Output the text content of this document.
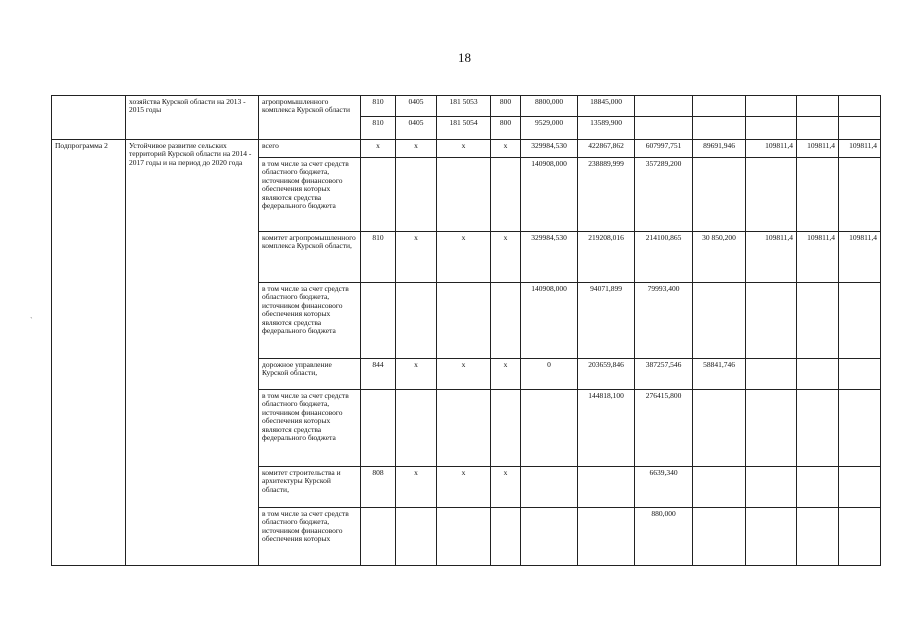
18
`
	хозяйства Курской области на 2013 - 2015 годы	агропромышленного комплекса Курской области	810	0405	181 5053	800	8800,000	18845,000					
			810	0405	181 5054	800	9529,000	13589,900					
Подпрограмма 2	Устойчивое развитие сельских территорий Курской области на 2014 - 2017 годы и на период до 2020 года	всего	х	х	х	х	329984,530	422867,862	607997,751	89691,946	109811,4	109811,4	109811,4
		в том числе за счет средств областного бюджета, источником финансового обеспечения которых являются средства федерального бюджета					140908,000	238889,999	357289,200				
		комитет агропромышленного комплекса Курской области,	810	х	х	х	329984,530	219208,016	214100,865	30 850,200	109811,4	109811,4	109811,4
		в том числе за счет средств областного бюджета, источником финансового обеспечения которых являются средства федерального бюджета					140908,000	94071,899	79993,400				
		дорожное управление Курской области,	844	х	х	х	0	203659,846	387257,546	58841,746			
		в том числе за счет средств областного бюджета, источником финансового обеспечения которых являются средства федерального бюджета						144818,100	276415,800				
		комитет строительства и архитектуры Курской области,	808	х	х	х			6639,340				
		в том числе за счет средств областного бюджета, источником финансового обеспечения которых							880,000				
